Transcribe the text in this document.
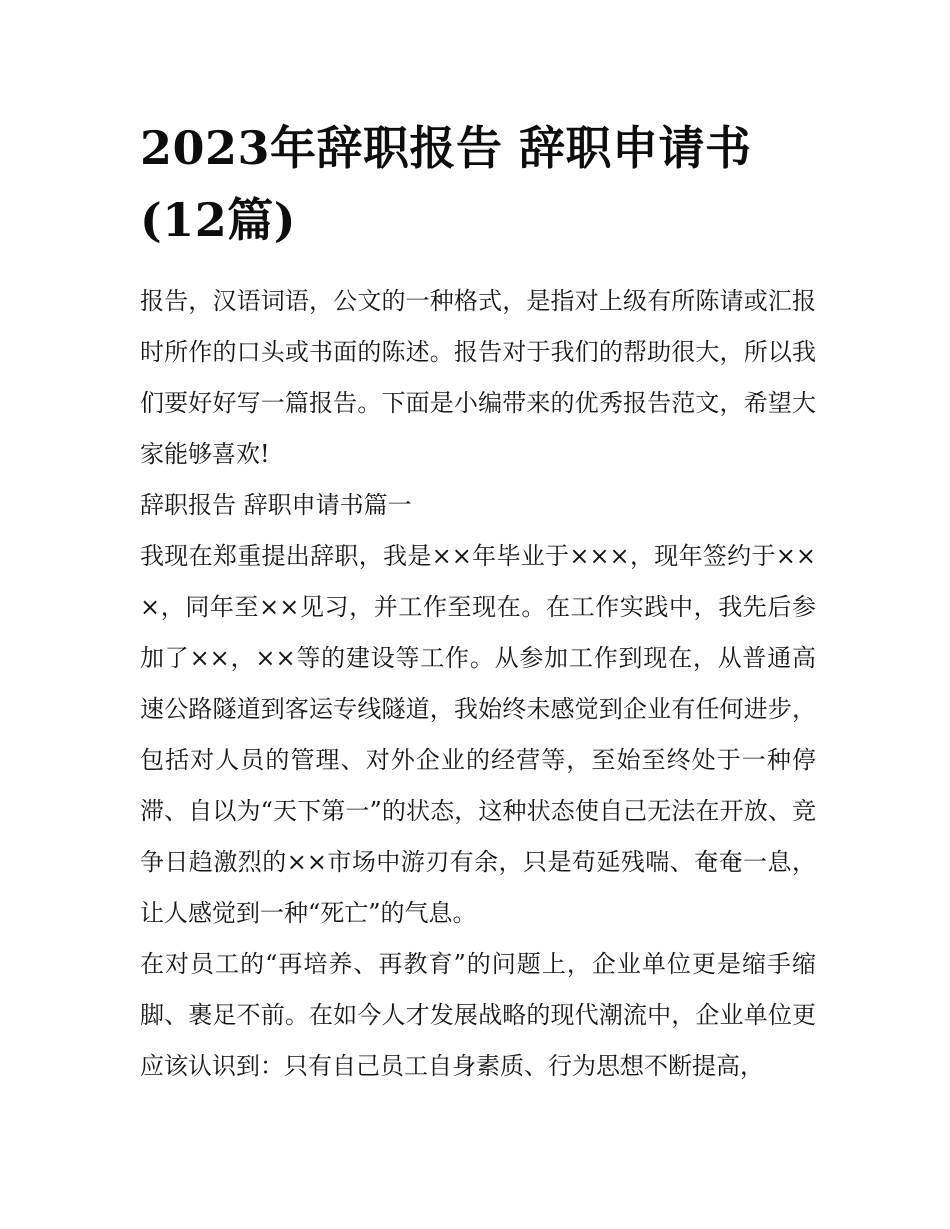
2023年辞职报告 辞职申请书(12篇)

报告，汉语词语，公文的一种格式，是指对上级有所陈请或汇报时所作的口头或书面的陈述。报告对于我们的帮助很大，所以我们要好好写一篇报告。下面是小编带来的优秀报告范文，希望大家能够喜欢!

辞职报告 辞职申请书篇一

我现在郑重提出辞职，我是××年毕业于×××，现年签约于×××，同年至××见习，并工作至现在。在工作实践中，我先后参加了××，××等的建设等工作。从参加工作到现在，从普通高速公路隧道到客运专线隧道，我始终未感觉到企业有任何进步，包括对人员的管理、对外企业的经营等，至始至终处于一种停滞、自以为“天下第一”的状态，这种状态使自己无法在开放、竞争日趋激烈的××市场中游刃有余，只是苟延残喘、奄奄一息，让人感觉到一种“死亡”的气息。

在对员工的“再培养、再教育”的问题上，企业单位更是缩手缩脚、裹足不前。在如今人才发展战略的现代潮流中，企业单位更应该认识到：只有自己员工自身素质、行为思想不断提高，
